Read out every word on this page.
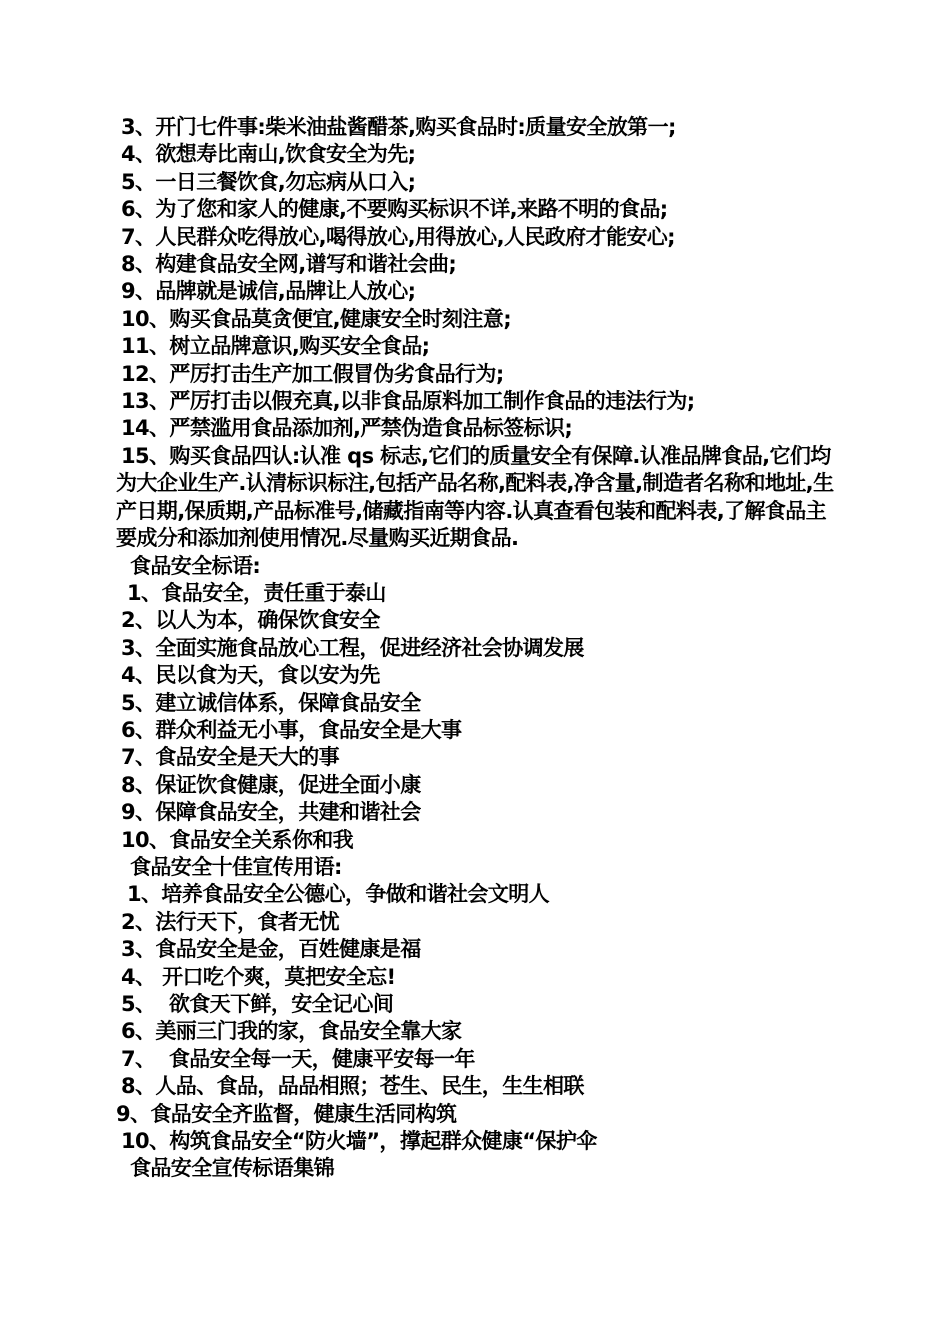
3、开门七件事:柴米油盐酱醋茶,购买食品时:质量安全放第一;
4、欲想寿比南山,饮食安全为先;
5、一日三餐饮食,勿忘病从口入;
6、为了您和家人的健康,不要购买标识不详,来路不明的食品;
7、人民群众吃得放心,喝得放心,用得放心,人民政府才能安心;
8、构建食品安全网,谱写和谐社会曲;
9、品牌就是诚信,品牌让人放心;
10、购买食品莫贪便宜,健康安全时刻注意;
11、树立品牌意识,购买安全食品;
12、严厉打击生产加工假冒伪劣食品行为;
13、严厉打击以假充真,以非食品原料加工制作食品的违法行为;
14、严禁滥用食品添加剂,严禁伪造食品标签标识;
15、购买食品四认:认准 qs 标志,它们的质量安全有保障.认准品牌食品,它们均为大企业生产.认清标识标注,包括产品名称,配料表,净含量,制造者名称和地址,生产日期,保质期,产品标准号,储藏指南等内容.认真查看包装和配料表,了解食品主要成分和添加剂使用情况.尽量购买近期食品.
食品安全标语:
1、食品安全，责任重于泰山
2、以人为本，确保饮食安全
3、全面实施食品放心工程，促进经济社会协调发展
4、民以食为天，食以安为先
5、建立诚信体系，保障食品安全
6、群众利益无小事，食品安全是大事
7、食品安全是天大的事
8、保证饮食健康，促进全面小康
9、保障食品安全，共建和谐社会
10、食品安全关系你和我
食品安全十佳宣传用语:
1、培养食品安全公德心，争做和谐社会文明人
2、法行天下，食者无忧
3、食品安全是金，百姓健康是福
4、 开口吃个爽，莫把安全忘!
5、  欲食天下鲜，安全记心间
6、美丽三门我的家，食品安全靠大家
7、  食品安全每一天，健康平安每一年
8、人品、食品，品品相照；苍生、民生，生生相联
9、食品安全齐监督，健康生活同构筑
10、构筑食品安全“防火墙”，撑起群众健康“保护伞
食品安全宣传标语集锦
